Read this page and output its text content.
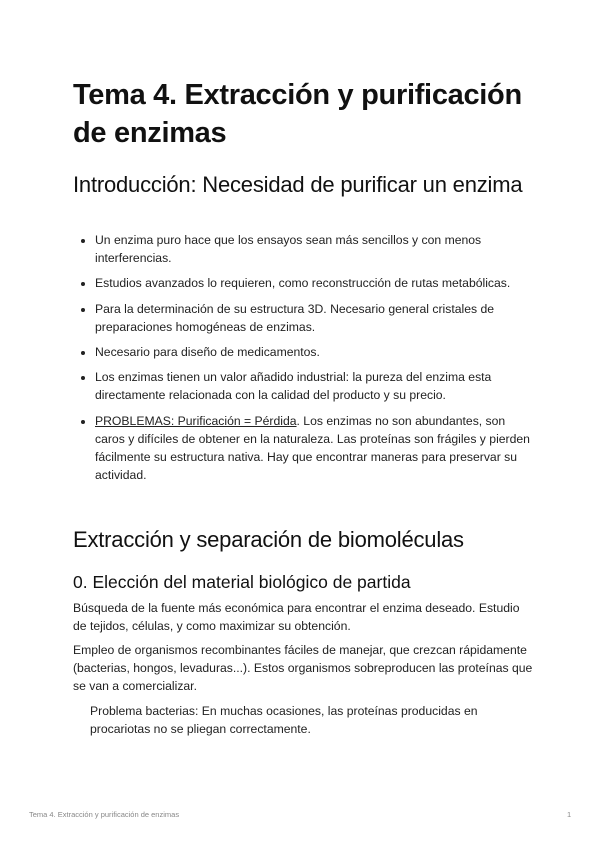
Tema 4. Extracción y purificación de enzimas
Introducción: Necesidad de purificar un enzima
Un enzima puro hace que los ensayos sean más sencillos y con menos interferencias.
Estudios avanzados lo requieren, como reconstrucción de rutas metabólicas.
Para la determinación de su estructura 3D. Necesario general cristales de preparaciones homogéneas de enzimas.
Necesario para diseño de medicamentos.
Los enzimas tienen un valor añadido industrial: la pureza del enzima esta directamente relacionada con la calidad del producto y su precio.
PROBLEMAS: Purificación = Pérdida. Los enzimas no son abundantes, son caros y difíciles de obtener en la naturaleza. Las proteínas son frágiles y pierden fácilmente su estructura nativa. Hay que encontrar maneras para preservar su actividad.
Extracción y separación de biomoléculas
0. Elección del material biológico de partida

Búsqueda de la fuente más económica para encontrar el enzima deseado. Estudio de tejidos, células, y como maximizar su obtención.

Empleo de organismos recombinantes fáciles de manejar, que crezcan rápidamente (bacterias, hongos, levaduras...). Estos organismos sobreproducen las proteínas que se van a comercializar.

Problema bacterias: En muchas ocasiones, las proteínas producidas en procariotas no se pliegan correctamente.

Tema 4. Extracción y purificación de enzimas	1
